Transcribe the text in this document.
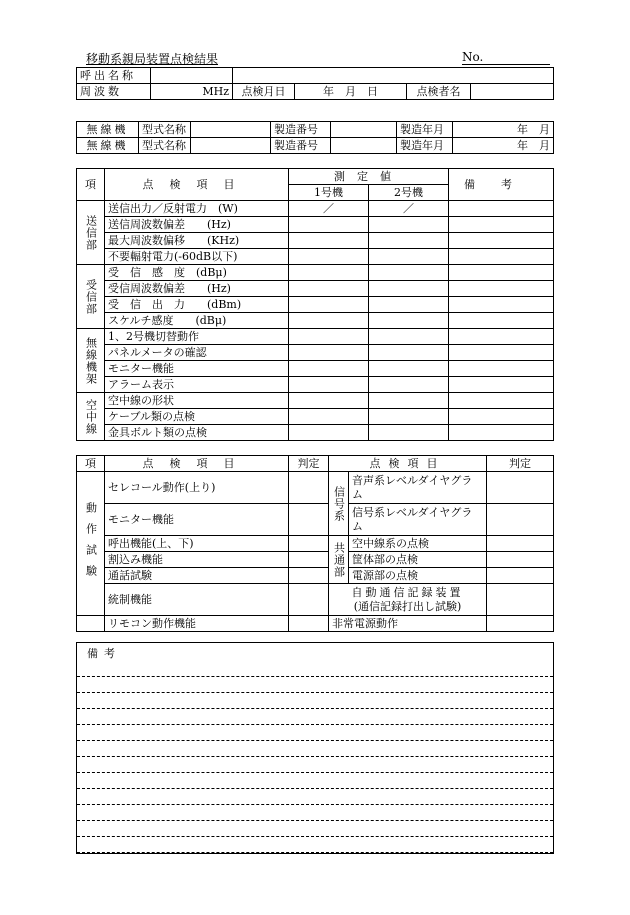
移動系親局装置点検結果	No.
呼出名称					
周波数	MHz	点検月日	年　月　日	点検者名	
無線機	型式名称		製造番号		製造年月	年　月
無線機	型式名称		製造番号		製造年月	年　月
項	点検項目	測定値		備考
		1号機	2号機	
送信部	送信出力／反射電力　(W)	／	／	
	送信周波数偏差　　(Hz)			
	最大周波数偏移　　(KHz)			
	不要輻射電力(-60dB以下)			
受信部	受　信　感　度　(dBμ)			
	受信周波数偏差　　(Hz)			
	受　信　出　力　　(dBm)			
	スケルチ感度　　(dBμ)			
無線機架	1、2号機切替動作			
	パネルメータの確認			
	モニター機能			
	アラーム表示			
空中線	空中線の形状			
	ケーブル類の点検			
	金具ボルト類の点検			
項	点検項目	判定	点検項目		判定
動作試験	セレコール動作(上り)		信号系	音声系レベルダイヤグラム	

	モニター機能			信号系レベルダイヤグラム	

	呼出機能(上、下)		共通部	空中線系の点検	
	割込み機能			筐体部の点検	
	通話試験			電源部の点検	
	統制機能		自動通信記録装置
(通信記録打出し試験)		

	リモコン動作機能		非常電源動作		
備考
